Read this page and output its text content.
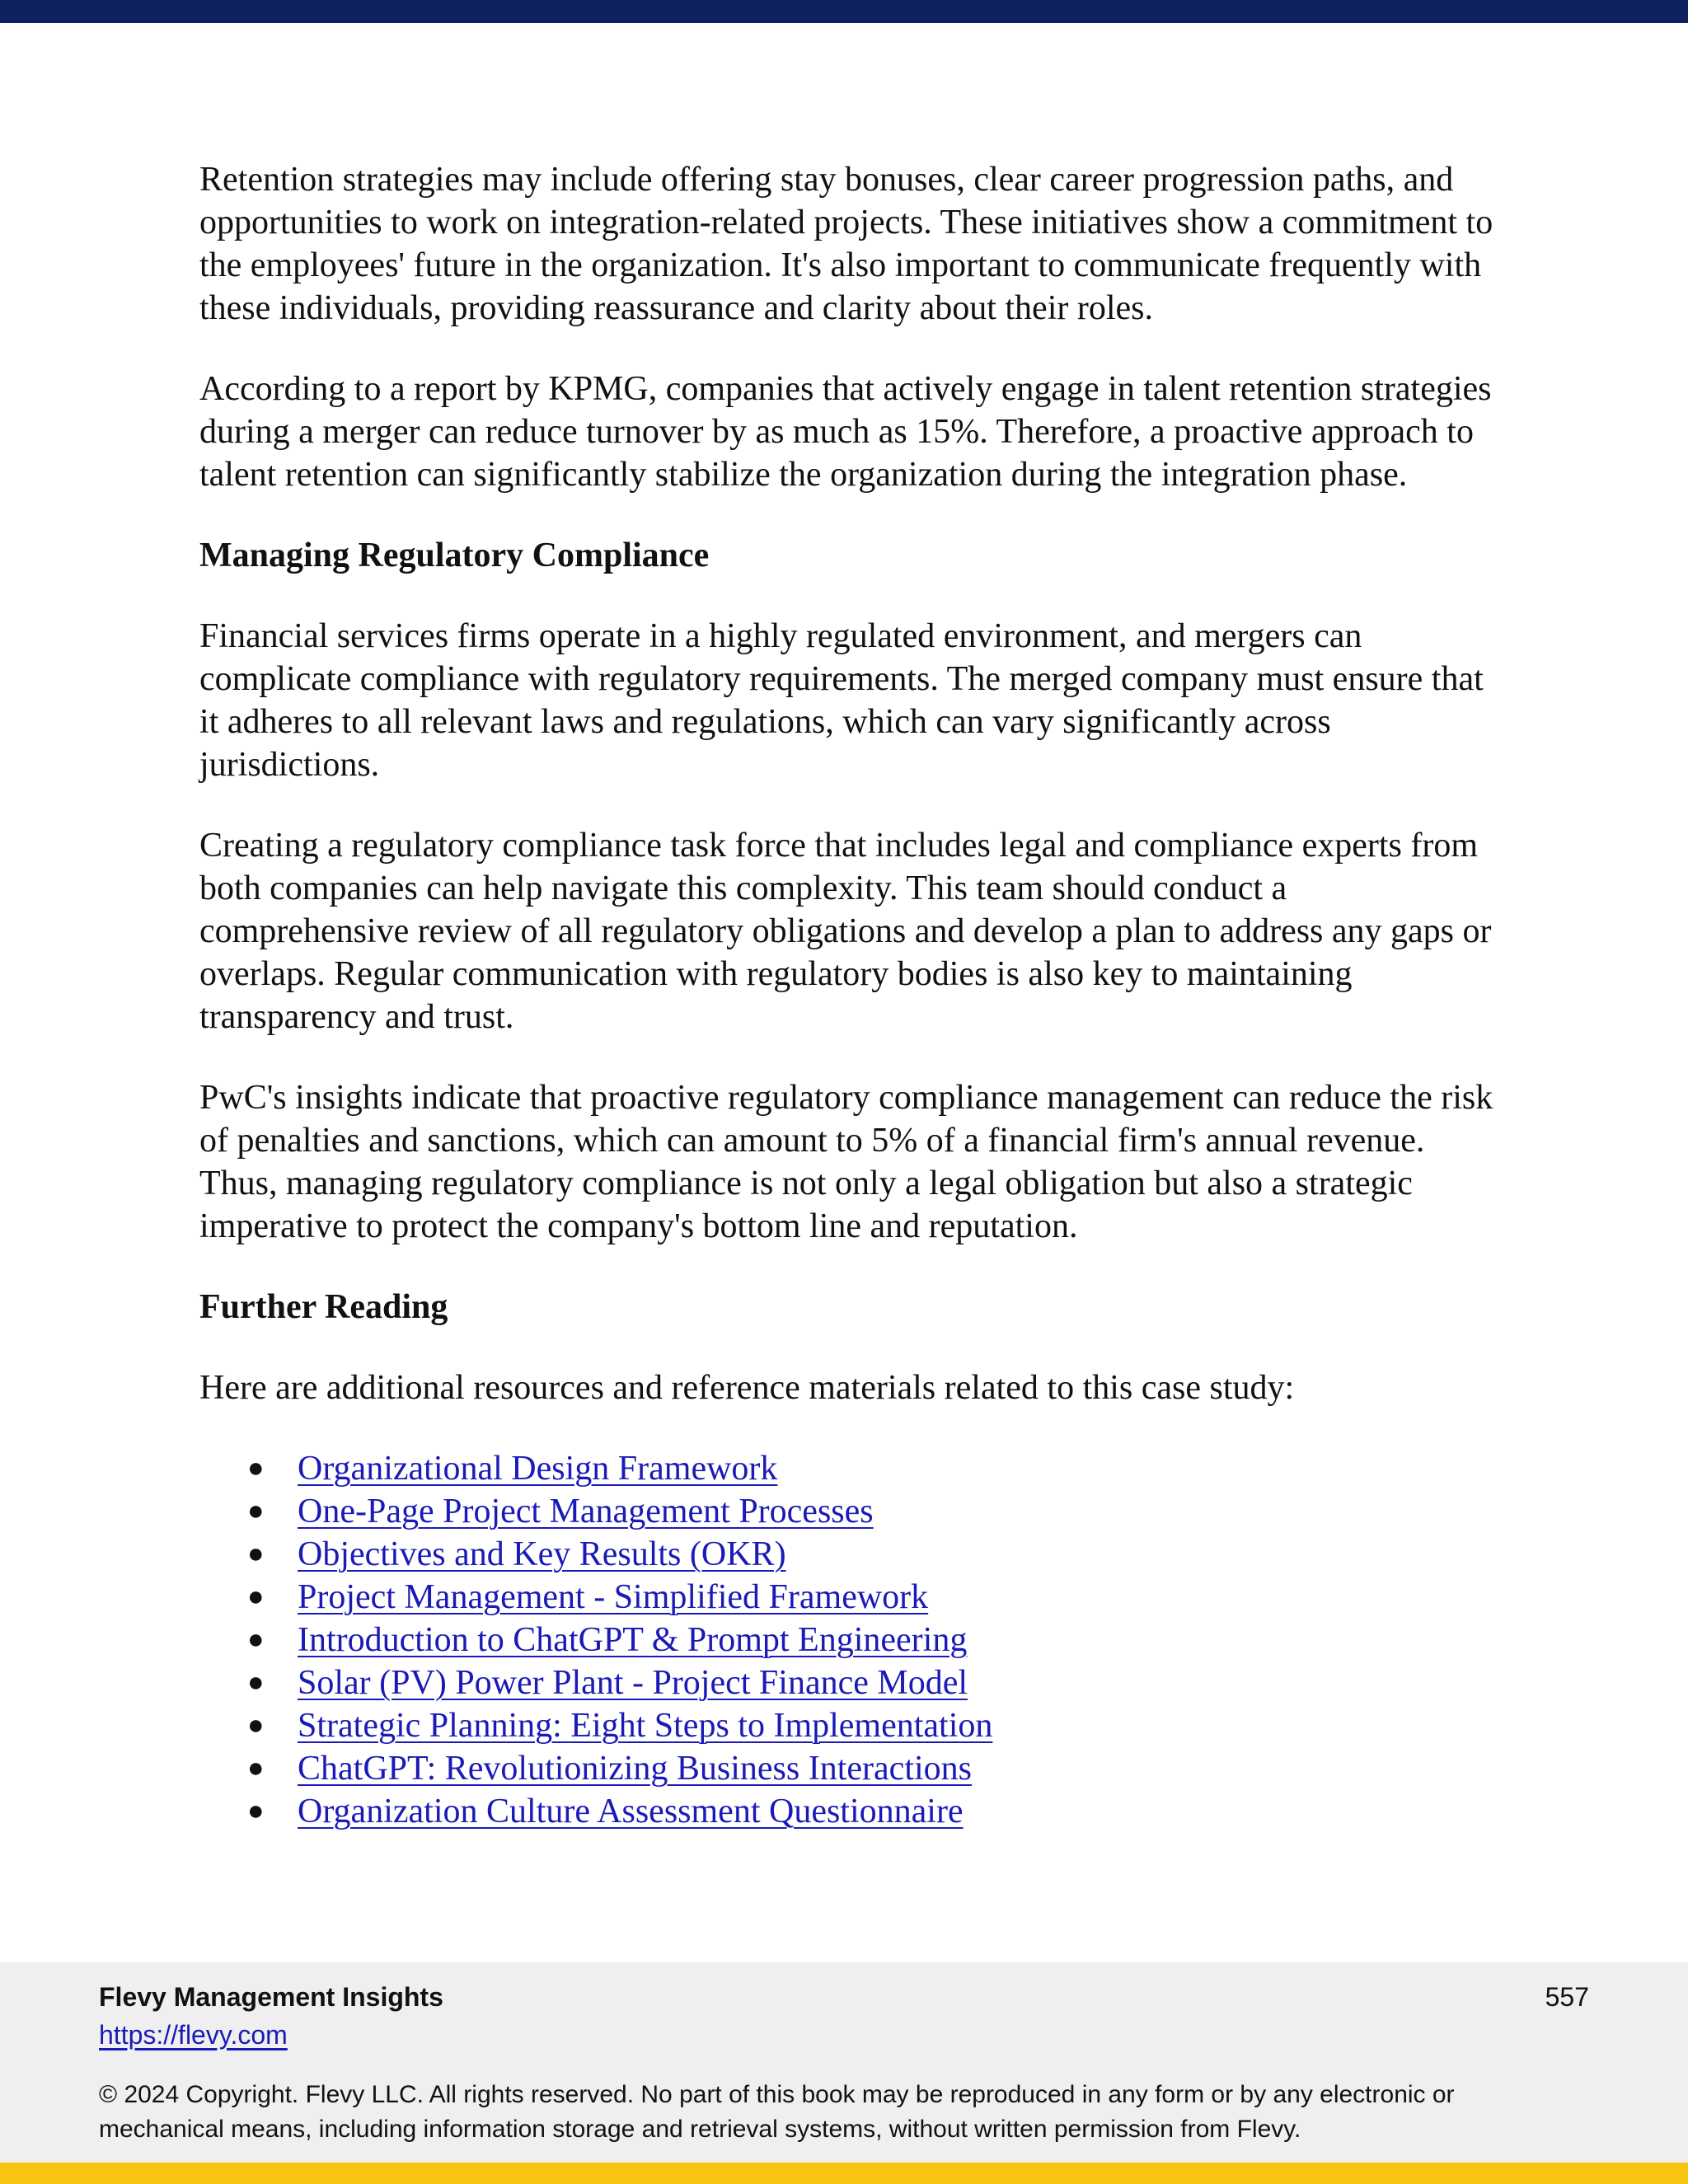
Retention strategies may include offering stay bonuses, clear career progression paths, and opportunities to work on integration-related projects. These initiatives show a commitment to the employees' future in the organization. It's also important to communicate frequently with these individuals, providing reassurance and clarity about their roles.

According to a report by KPMG, companies that actively engage in talent retention strategies during a merger can reduce turnover by as much as 15%. Therefore, a proactive approach to talent retention can significantly stabilize the organization during the integration phase.

Managing Regulatory Compliance

Financial services firms operate in a highly regulated environment, and mergers can complicate compliance with regulatory requirements. The merged company must ensure that it adheres to all relevant laws and regulations, which can vary significantly across jurisdictions.

Creating a regulatory compliance task force that includes legal and compliance experts from both companies can help navigate this complexity. This team should conduct a comprehensive review of all regulatory obligations and develop a plan to address any gaps or overlaps. Regular communication with regulatory bodies is also key to maintaining transparency and trust.

PwC's insights indicate that proactive regulatory compliance management can reduce the risk of penalties and sanctions, which can amount to 5% of a financial firm's annual revenue. Thus, managing regulatory compliance is not only a legal obligation but also a strategic imperative to protect the company's bottom line and reputation.

Further Reading

Here are additional resources and reference materials related to this case study:

● Organizational Design Framework
● One-Page Project Management Processes
● Objectives and Key Results (OKR)
● Project Management - Simplified Framework
● Introduction to ChatGPT & Prompt Engineering
● Solar (PV) Power Plant - Project Finance Model
● Strategic Planning: Eight Steps to Implementation
● ChatGPT: Revolutionizing Business Interactions
● Organization Culture Assessment Questionnaire
Flevy Management Insights
https://flevy.com
557
© 2024 Copyright. Flevy LLC. All rights reserved. No part of this book may be reproduced in any form or by any electronic or mechanical means, including information storage and retrieval systems, without written permission from Flevy.
